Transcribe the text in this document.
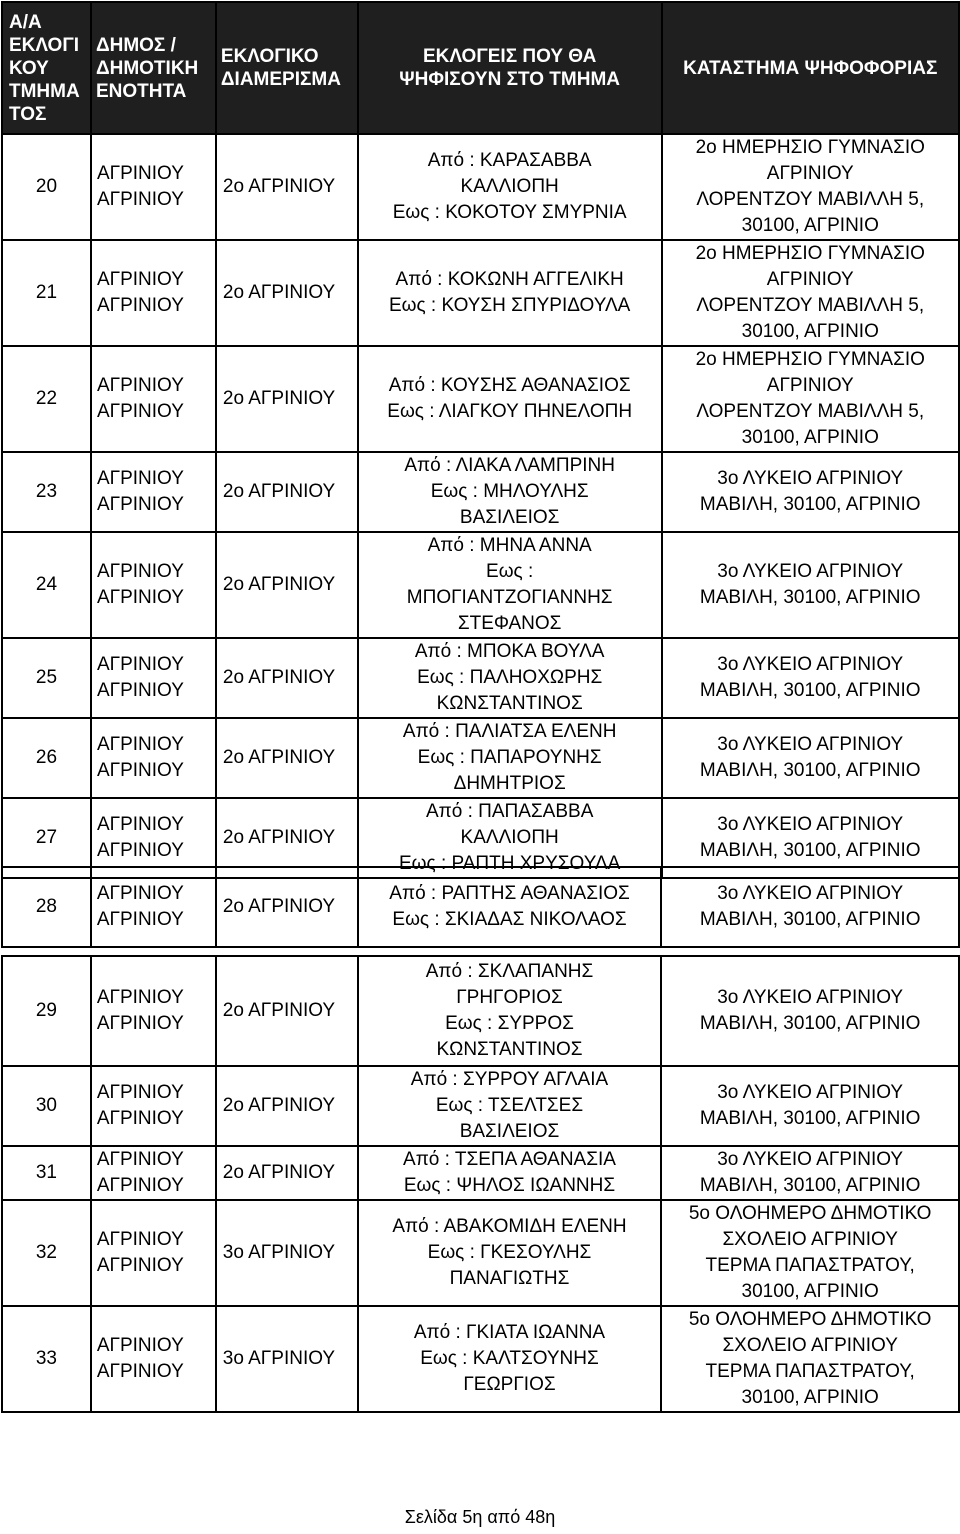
Α/Α
ΕΚΛΟΓΙ
ΚΟΥ
ΤΜΗΜΑ
ΤΟΣ	ΔΗΜΟΣ /
ΔΗΜΟΤΙΚΗ
ΕΝΟΤΗΤΑ	ΕΚΛΟΓΙΚΟ
ΔΙΑΜΕΡΙΣΜΑ	ΕΚΛΟΓΕΙΣ ΠΟΥ ΘΑ
ΨΗΦΙΣΟΥΝ ΣΤΟ ΤΜΗΜΑ	ΚΑΤΑΣΤΗΜΑ ΨΗΦΟΦΟΡΙΑΣ
20	ΑΓΡΙΝΙΟΥ
ΑΓΡΙΝΙΟΥ	2ο ΑΓΡΙΝΙΟΥ	Από : ΚΑΡΑΣΑΒΒΑ
ΚΑΛΛΙΟΠΗ
Εως : ΚΟΚΟΤΟΥ ΣΜΥΡΝΙΑ	2ο ΗΜΕΡΗΣΙΟ ΓΥΜΝΑΣΙΟ
ΑΓΡΙΝΙΟΥ
ΛΟΡΕΝΤΖΟΥ ΜΑΒΙΛΛΗ 5,
30100, ΑΓΡΙΝΙΟ
21	ΑΓΡΙΝΙΟΥ
ΑΓΡΙΝΙΟΥ	2ο ΑΓΡΙΝΙΟΥ	Από : ΚΟΚΩΝΗ ΑΓΓΕΛΙΚΗ
Εως : ΚΟΥΣΗ ΣΠΥΡΙΔΟΥΛΑ	2ο ΗΜΕΡΗΣΙΟ ΓΥΜΝΑΣΙΟ
ΑΓΡΙΝΙΟΥ
ΛΟΡΕΝΤΖΟΥ ΜΑΒΙΛΛΗ 5,
30100, ΑΓΡΙΝΙΟ
22	ΑΓΡΙΝΙΟΥ
ΑΓΡΙΝΙΟΥ	2ο ΑΓΡΙΝΙΟΥ	Από : ΚΟΥΣΗΣ ΑΘΑΝΑΣΙΟΣ
Εως : ΛΙΑΓΚΟΥ ΠΗΝΕΛΟΠΗ	2ο ΗΜΕΡΗΣΙΟ ΓΥΜΝΑΣΙΟ
ΑΓΡΙΝΙΟΥ
ΛΟΡΕΝΤΖΟΥ ΜΑΒΙΛΛΗ 5,
30100, ΑΓΡΙΝΙΟ
23	ΑΓΡΙΝΙΟΥ
ΑΓΡΙΝΙΟΥ	2ο ΑΓΡΙΝΙΟΥ	Από : ΛΙΑΚΑ ΛΑΜΠΡΙΝΗ
Εως : ΜΗΛΟΥΛΗΣ
ΒΑΣΙΛΕΙΟΣ	3ο ΛΥΚΕΙΟ ΑΓΡΙΝΙΟΥ
ΜΑΒΙΛΗ, 30100, ΑΓΡΙΝΙΟ
24	ΑΓΡΙΝΙΟΥ
ΑΓΡΙΝΙΟΥ	2ο ΑΓΡΙΝΙΟΥ	Από : ΜΗΝΑ ΑΝΝΑ
Εως :
ΜΠΟΓΙΑΝΤΖΟΓΙΑΝΝΗΣ
ΣΤΕΦΑΝΟΣ	3ο ΛΥΚΕΙΟ ΑΓΡΙΝΙΟΥ
ΜΑΒΙΛΗ, 30100, ΑΓΡΙΝΙΟ
25	ΑΓΡΙΝΙΟΥ
ΑΓΡΙΝΙΟΥ	2ο ΑΓΡΙΝΙΟΥ	Από : ΜΠΟΚΑ ΒΟΥΛΑ
Εως : ΠΑΛΗΟΧΩΡΗΣ
ΚΩΝΣΤΑΝΤΙΝΟΣ	3ο ΛΥΚΕΙΟ ΑΓΡΙΝΙΟΥ
ΜΑΒΙΛΗ, 30100, ΑΓΡΙΝΙΟ
26	ΑΓΡΙΝΙΟΥ
ΑΓΡΙΝΙΟΥ	2ο ΑΓΡΙΝΙΟΥ	Από : ΠΑΛΙΑΤΣΑ ΕΛΕΝΗ
Εως : ΠΑΠΑΡΟΥΝΗΣ
ΔΗΜΗΤΡΙΟΣ	3ο ΛΥΚΕΙΟ ΑΓΡΙΝΙΟΥ
ΜΑΒΙΛΗ, 30100, ΑΓΡΙΝΙΟ
27	ΑΓΡΙΝΙΟΥ
ΑΓΡΙΝΙΟΥ	2ο ΑΓΡΙΝΙΟΥ	Από : ΠΑΠΑΣΑΒΒΑ
ΚΑΛΛΙΟΠΗ
Εως : ΡΑΠΤΗ ΧΡΥΣΟΥΛΑ	3ο ΛΥΚΕΙΟ ΑΓΡΙΝΙΟΥ
ΜΑΒΙΛΗ, 30100, ΑΓΡΙΝΙΟ
28	ΑΓΡΙΝΙΟΥ
ΑΓΡΙΝΙΟΥ	2ο ΑΓΡΙΝΙΟΥ	Από : ΡΑΠΤΗΣ ΑΘΑΝΑΣΙΟΣ
Εως : ΣΚΙΑΔΑΣ ΝΙΚΟΛΑΟΣ	3ο ΛΥΚΕΙΟ ΑΓΡΙΝΙΟΥ
ΜΑΒΙΛΗ, 30100, ΑΓΡΙΝΙΟ
29	ΑΓΡΙΝΙΟΥ
ΑΓΡΙΝΙΟΥ	2ο ΑΓΡΙΝΙΟΥ	Από : ΣΚΛΑΠΑΝΗΣ
ΓΡΗΓΟΡΙΟΣ
Εως : ΣΥΡΡΟΣ
ΚΩΝΣΤΑΝΤΙΝΟΣ	3ο ΛΥΚΕΙΟ ΑΓΡΙΝΙΟΥ
ΜΑΒΙΛΗ, 30100, ΑΓΡΙΝΙΟ
30	ΑΓΡΙΝΙΟΥ
ΑΓΡΙΝΙΟΥ	2ο ΑΓΡΙΝΙΟΥ	Από : ΣΥΡΡΟΥ ΑΓΛΑΙΑ
Εως : ΤΣΕΛΤΣΕΣ
ΒΑΣΙΛΕΙΟΣ	3ο ΛΥΚΕΙΟ ΑΓΡΙΝΙΟΥ
ΜΑΒΙΛΗ, 30100, ΑΓΡΙΝΙΟ
31	ΑΓΡΙΝΙΟΥ
ΑΓΡΙΝΙΟΥ	2ο ΑΓΡΙΝΙΟΥ	Από : ΤΣΕΠΑ ΑΘΑΝΑΣΙΑ
Εως : ΨΗΛΟΣ ΙΩΑΝΝΗΣ	3ο ΛΥΚΕΙΟ ΑΓΡΙΝΙΟΥ
ΜΑΒΙΛΗ, 30100, ΑΓΡΙΝΙΟ
32	ΑΓΡΙΝΙΟΥ
ΑΓΡΙΝΙΟΥ	3ο ΑΓΡΙΝΙΟΥ	Από : ΑΒΑΚΟΜΙΔΗ ΕΛΕΝΗ
Εως : ΓΚΕΣΟΥΛΗΣ
ΠΑΝΑΓΙΩΤΗΣ	5ο ΟΛΟΗΜΕΡΟ ΔΗΜΟΤΙΚΟ
ΣΧΟΛΕΙΟ ΑΓΡΙΝΙΟΥ
ΤΕΡΜΑ ΠΑΠΑΣΤΡΑΤΟΥ,
30100, ΑΓΡΙΝΙΟ
33	ΑΓΡΙΝΙΟΥ
ΑΓΡΙΝΙΟΥ	3ο ΑΓΡΙΝΙΟΥ	Από : ΓΚΙΑΤΑ ΙΩΑΝΝΑ
Εως : ΚΑΛΤΣΟΥΝΗΣ
ΓΕΩΡΓΙΟΣ	5ο ΟΛΟΗΜΕΡΟ ΔΗΜΟΤΙΚΟ
ΣΧΟΛΕΙΟ ΑΓΡΙΝΙΟΥ
ΤΕΡΜΑ ΠΑΠΑΣΤΡΑΤΟΥ,
30100, ΑΓΡΙΝΙΟ
Σελίδα 5η από 48η
